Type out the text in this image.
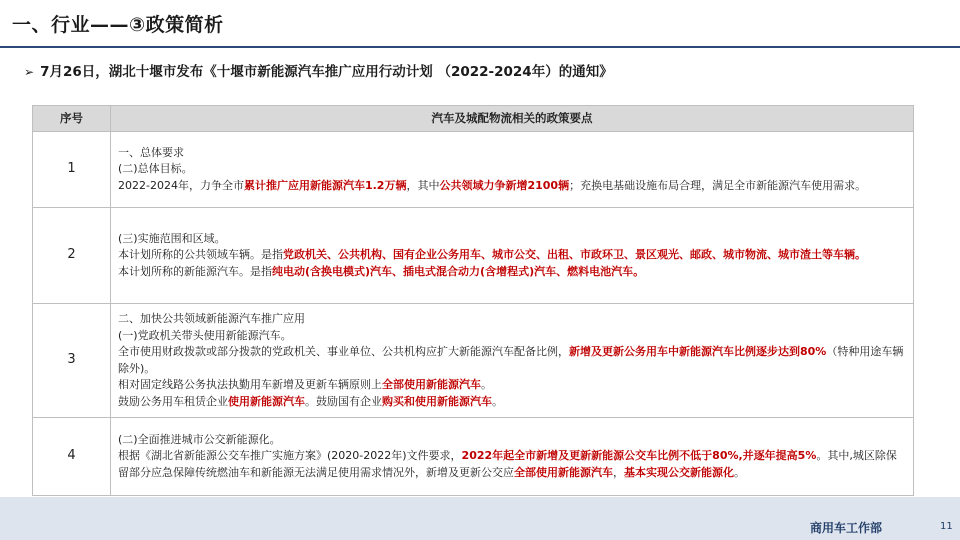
一、行业——③政策简析
➢ 7月26日，湖北十堰市发布《十堰市新能源汽车推广应用行动计划 （2022-2024年）的通知》
序号	汽车及城配物流相关的政策要点
1	一、总体要求
(二)总体目标。
2022-2024年，力争全市累计推广应用新能源汽车1.2万辆，其中公共领域力争新增2100辆；充换电基础设施布局合理，满足全市新能源汽车使用需求。

2	(三)实施范围和区域。
本计划所称的公共领域车辆。是指党政机关、公共机构、国有企业公务用车、城市公交、出租、市政环卫、景区观光、邮政、城市物流、城市渣土等车辆。
本计划所称的新能源汽车。是指纯电动(含换电模式)汽车、插电式混合动力(含增程式)汽车、燃料电池汽车。

3	二、加快公共领域新能源汽车推广应用
(一)党政机关带头使用新能源汽车。
全市使用财政拨款或部分拨款的党政机关、事业单位、公共机构应扩大新能源汽车配备比例，新增及更新公务用车中新能源汽车比例逐步达到80%（特种用途车辆除外)。
相对固定线路公务执法执勤用车新增及更新车辆原则上全部使用新能源汽车。
鼓励公务用车租赁企业使用新能源汽车。鼓励国有企业购买和使用新能源汽车。

4	(二)全面推进城市公交新能源化。
根据《湖北省新能源公交车推广实施方案》(2020-2022年)文件要求，2022年起全市新增及更新新能源公交车比例不低于80%,并逐年提高5%。其中,城区除保留部分应急保障传统燃油车和新能源无法满足使用需求情况外，新增及更新公交应全部使用新能源汽车，基本实现公交新能源化。
商用车工作部	11
